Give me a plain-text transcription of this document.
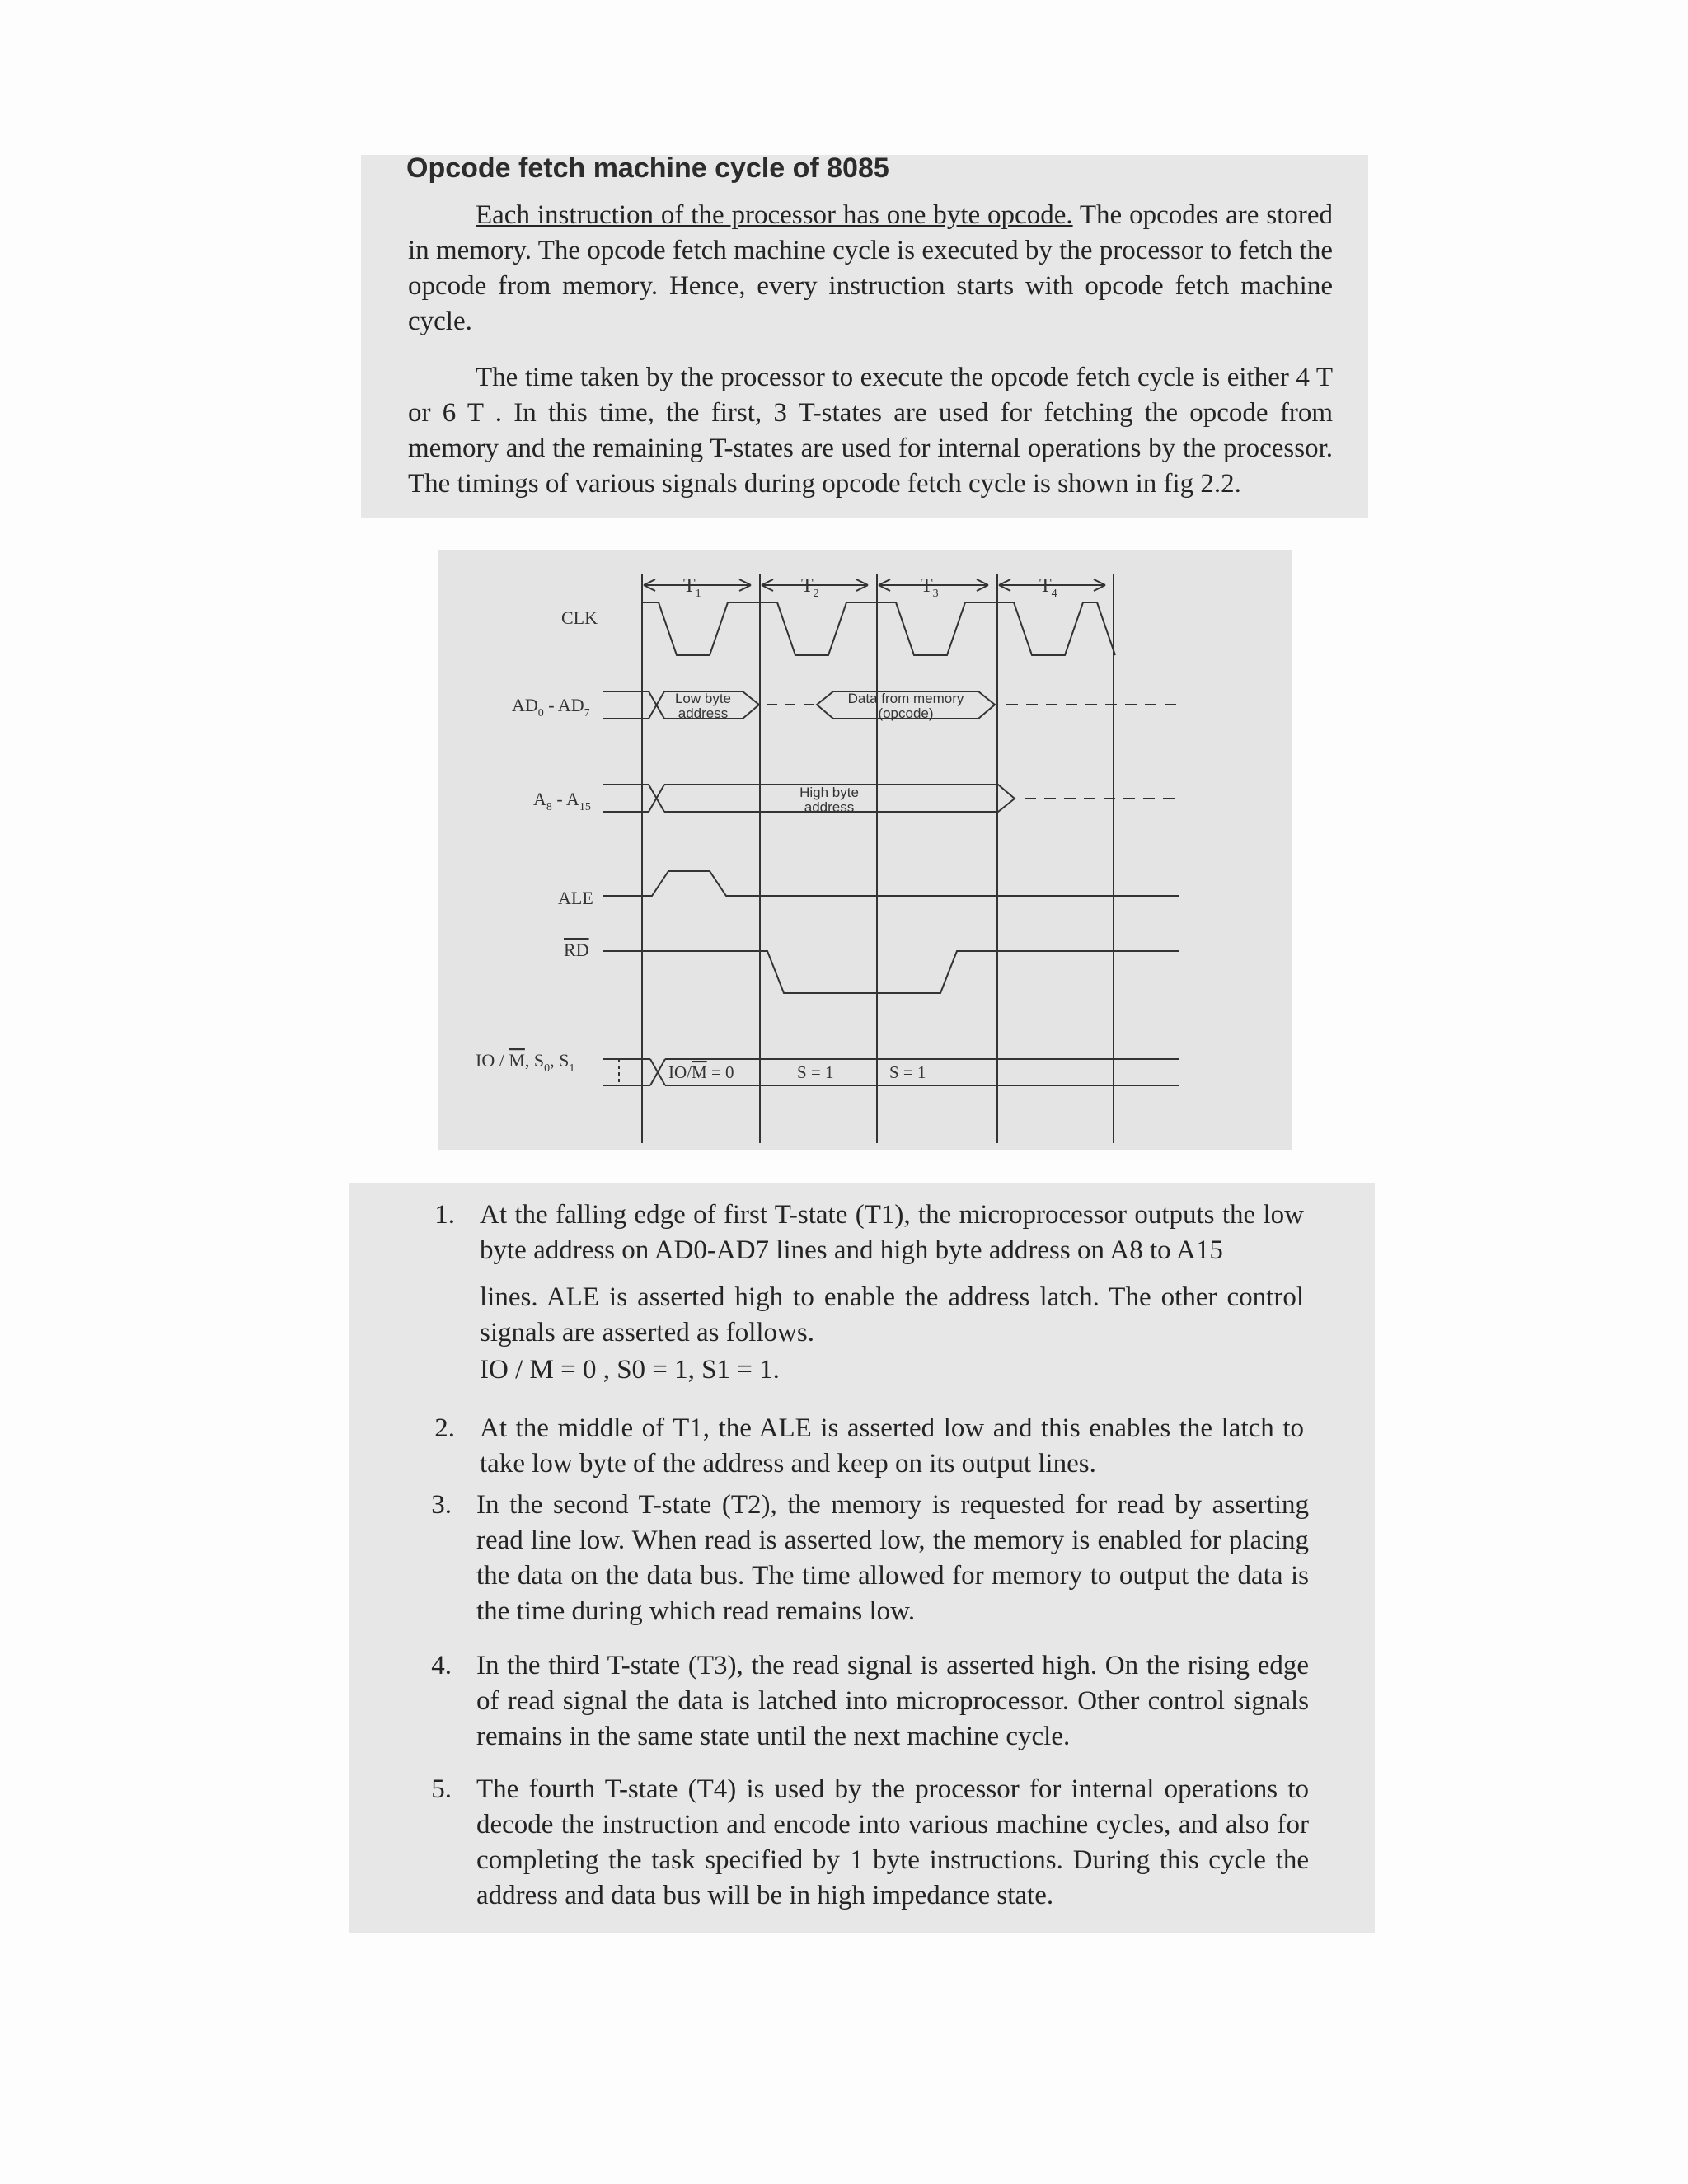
Opcode fetch machine cycle of 8085
Each instruction of the processor has one byte opcode. The opcodes are stored in memory. The opcode fetch machine cycle is executed by the processor to fetch the opcode from memory. Hence, every instruction starts with opcode fetch machine cycle.
The time taken by the processor to execute the opcode fetch cycle is either 4 T or 6 T . In this time, the first, 3 T-states are used for fetching the opcode from memory and the remaining T-states are used for internal operations by the processor. The timings of various signals during opcode fetch cycle is shown in fig 2.2.
$T_1$	$T_2$	$T_3$	$T_4$
CLK
$AD_0 - AD_7$
$A_8 - A_{15}$
ALE
RD
IO / M, $S_0$, $S_1$
Low byte
address
Data from memory
(opcode)
High byte
address
IO/M = 0	S = 1	S = 1
1. At the falling edge of first T-state (T1), the microprocessor outputs the low byte address on AD0-AD7 lines and high byte address on A8 to A15
lines. ALE is asserted high to enable the address latch. The other control signals are asserted as follows.
IO / M = 0 , S0 = 1, S1 = 1.
2. At the middle of T1, the ALE is asserted low and this enables the latch to take low byte of the address and keep on its output lines.
3. In the second T-state (T2), the memory is requested for read by asserting read line low. When read is asserted low, the memory is enabled for placing the data on the data bus. The time allowed for memory to output the data is the time during which read remains low.
4. In the third T-state (T3), the read signal is asserted high. On the rising edge of read signal the data is latched into microprocessor. Other control signals remains in the same state until the next machine cycle.
5. The fourth T-state (T4) is used by the processor for internal operations to decode the instruction and encode into various machine cycles, and also for completing the task specified by 1 byte instructions. During this cycle the address and data bus will be in high impedance state.
